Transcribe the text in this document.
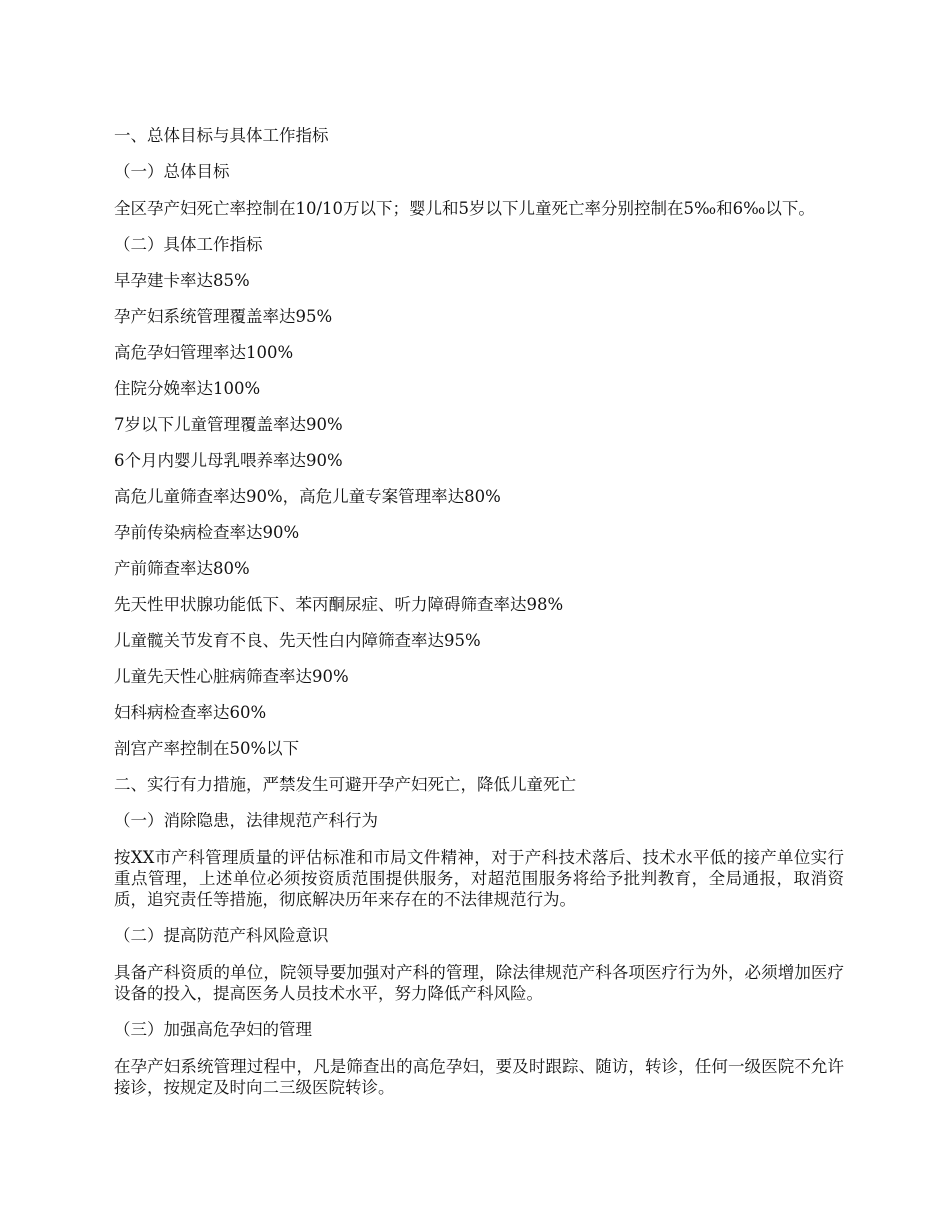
一、总体目标与具体工作指标
（一）总体目标
全区孕产妇死亡率控制在10/10万以下；婴儿和5岁以下儿童死亡率分别控制在5‰和6‰以下。
（二）具体工作指标
早孕建卡率达85%
孕产妇系统管理覆盖率达95%
高危孕妇管理率达100%
住院分娩率达100%
7岁以下儿童管理覆盖率达90%
6个月内婴儿母乳喂养率达90%
高危儿童筛查率达90%，高危儿童专案管理率达80%
孕前传染病检查率达90%
产前筛查率达80%
先天性甲状腺功能低下、苯丙酮尿症、听力障碍筛查率达98%
儿童髋关节发育不良、先天性白内障筛查率达95%
儿童先天性心脏病筛查率达90%
妇科病检查率达60%
剖宫产率控制在50%以下
二、实行有力措施，严禁发生可避开孕产妇死亡，降低儿童死亡
（一）消除隐患，法律规范产科行为
按XX市产科管理质量的评估标准和市局文件精神，对于产科技术落后、技术水平低的接产单位实行重点管理，上述单位必须按资质范围提供服务，对超范围服务将给予批判教育，全局通报，取消资质，追究责任等措施，彻底解决历年来存在的不法律规范行为。
（二）提高防范产科风险意识
具备产科资质的单位，院领导要加强对产科的管理，除法律规范产科各项医疗行为外，必须增加医疗设备的投入，提高医务人员技术水平，努力降低产科风险。
（三）加强高危孕妇的管理
在孕产妇系统管理过程中，凡是筛查出的高危孕妇，要及时跟踪、随访，转诊，任何一级医院不允许接诊，按规定及时向二三级医院转诊。
